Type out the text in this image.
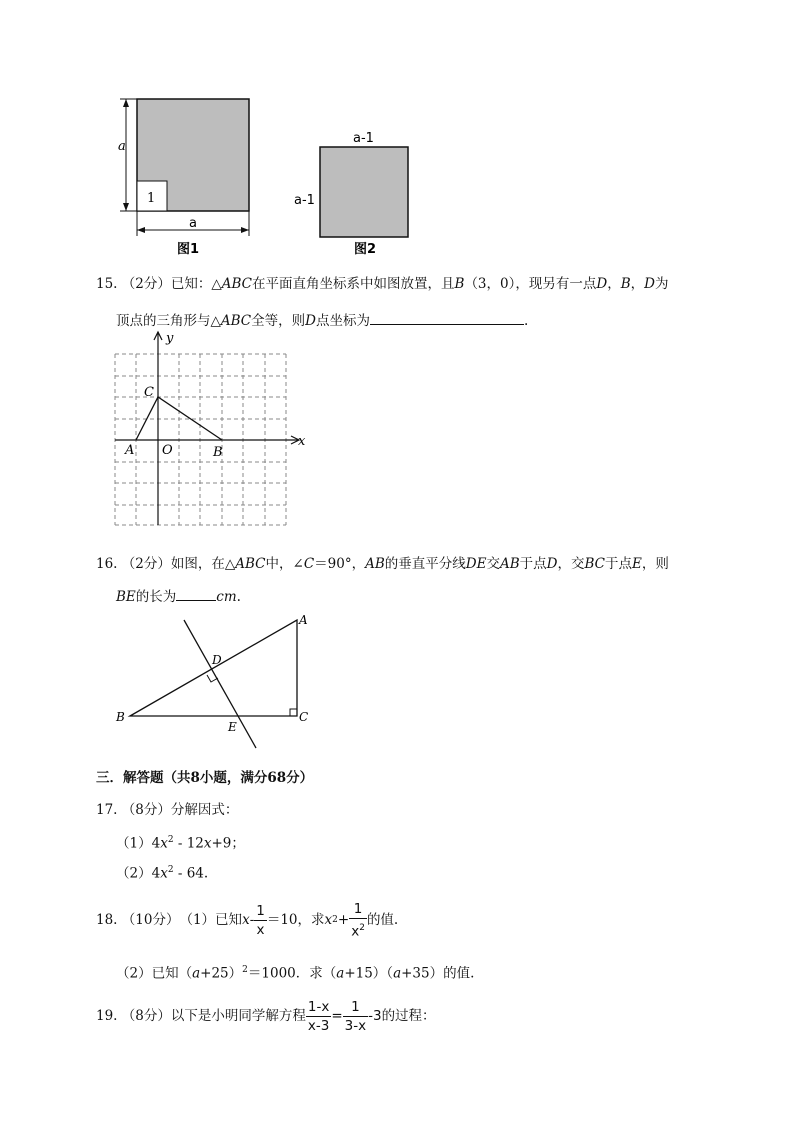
a
1
a
图1
a-1
a-1
图2
15. （2分）已知：△ABC在平面直角坐标系中如图放置，且B（3，0），现另有一点D，B，D为
顶点的三角形与△ABC全等，则D点坐标为	.
y
x
A O	B
C
16. （2分）如图，在△ABC中，∠C＝90°，AB的垂直平分线DE交AB于点D，交BC于点E，则
BE的长为	cm.
A
B	C
D
E
三．解答题（共8小题，满分68分）
17. （8分）分解因式：
$(1)4x^2 - 12x+9$；
$(2)4x^2 - 64$.
18.
（10分） （1）已知 $x - \frac{1}{x} =10$，求 x $2 + \frac{1}{x^2}$ 的值.
（2）已知$(a+25)^2=1000$．求（a+15）（a+35）的值.
19.
（8分） 以下是小明同学解方程 $\frac{1-x}{x-3} = \frac{1}{3-x} -3$ 的过程：
